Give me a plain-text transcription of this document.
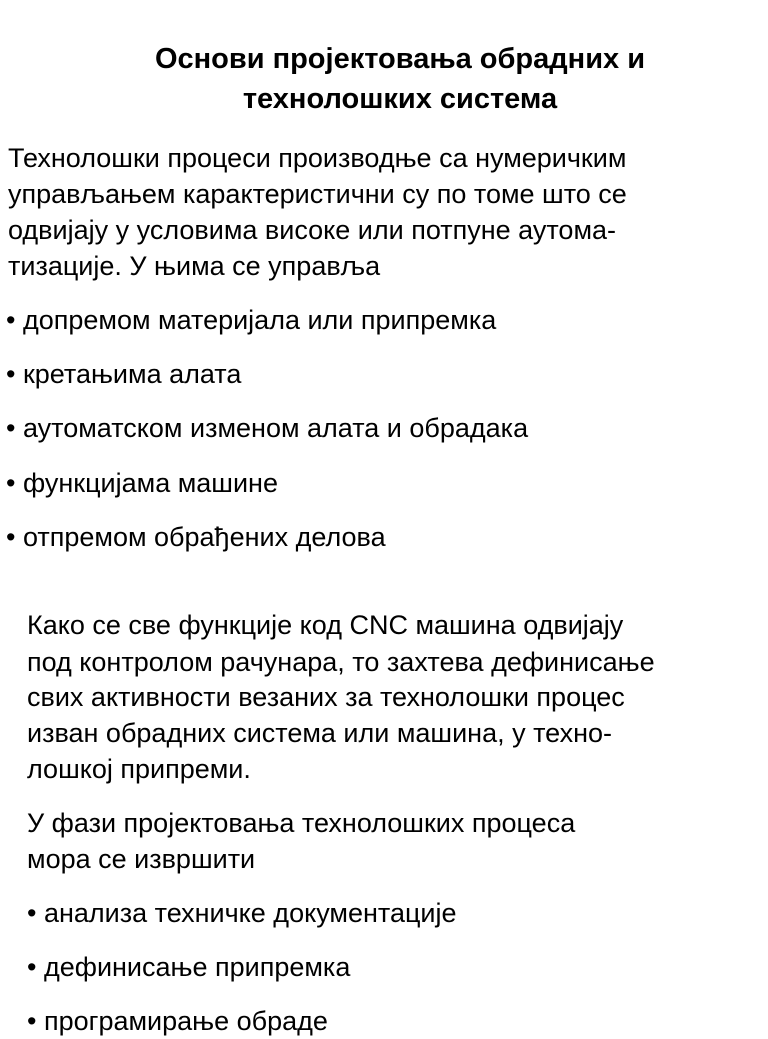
Основи пројектовања обрадних и
технолошких система
Технолошки процеси производње са нумеричким
управљањем карактеристични су по томе што се
одвијају у условима високе или потпуне аутома-
тизације. У њима се управља
• допремом материјала или припремка
• кретањима алата
• аутоматском изменом алата и обрадака
• функцијама машине
• отпремом обрађених делова
Како се све функције код CNC машина одвијају
под контролом рачунара, то захтева дефинисање
свих активности везаних за технолошки процес
изван обрадних система или машина, у техно-
лошкој припреми.
У фази пројектовања технолошких процеса
мора се извршити
• анализа техничке документације
• дефинисање припремка
• програмирање обраде
